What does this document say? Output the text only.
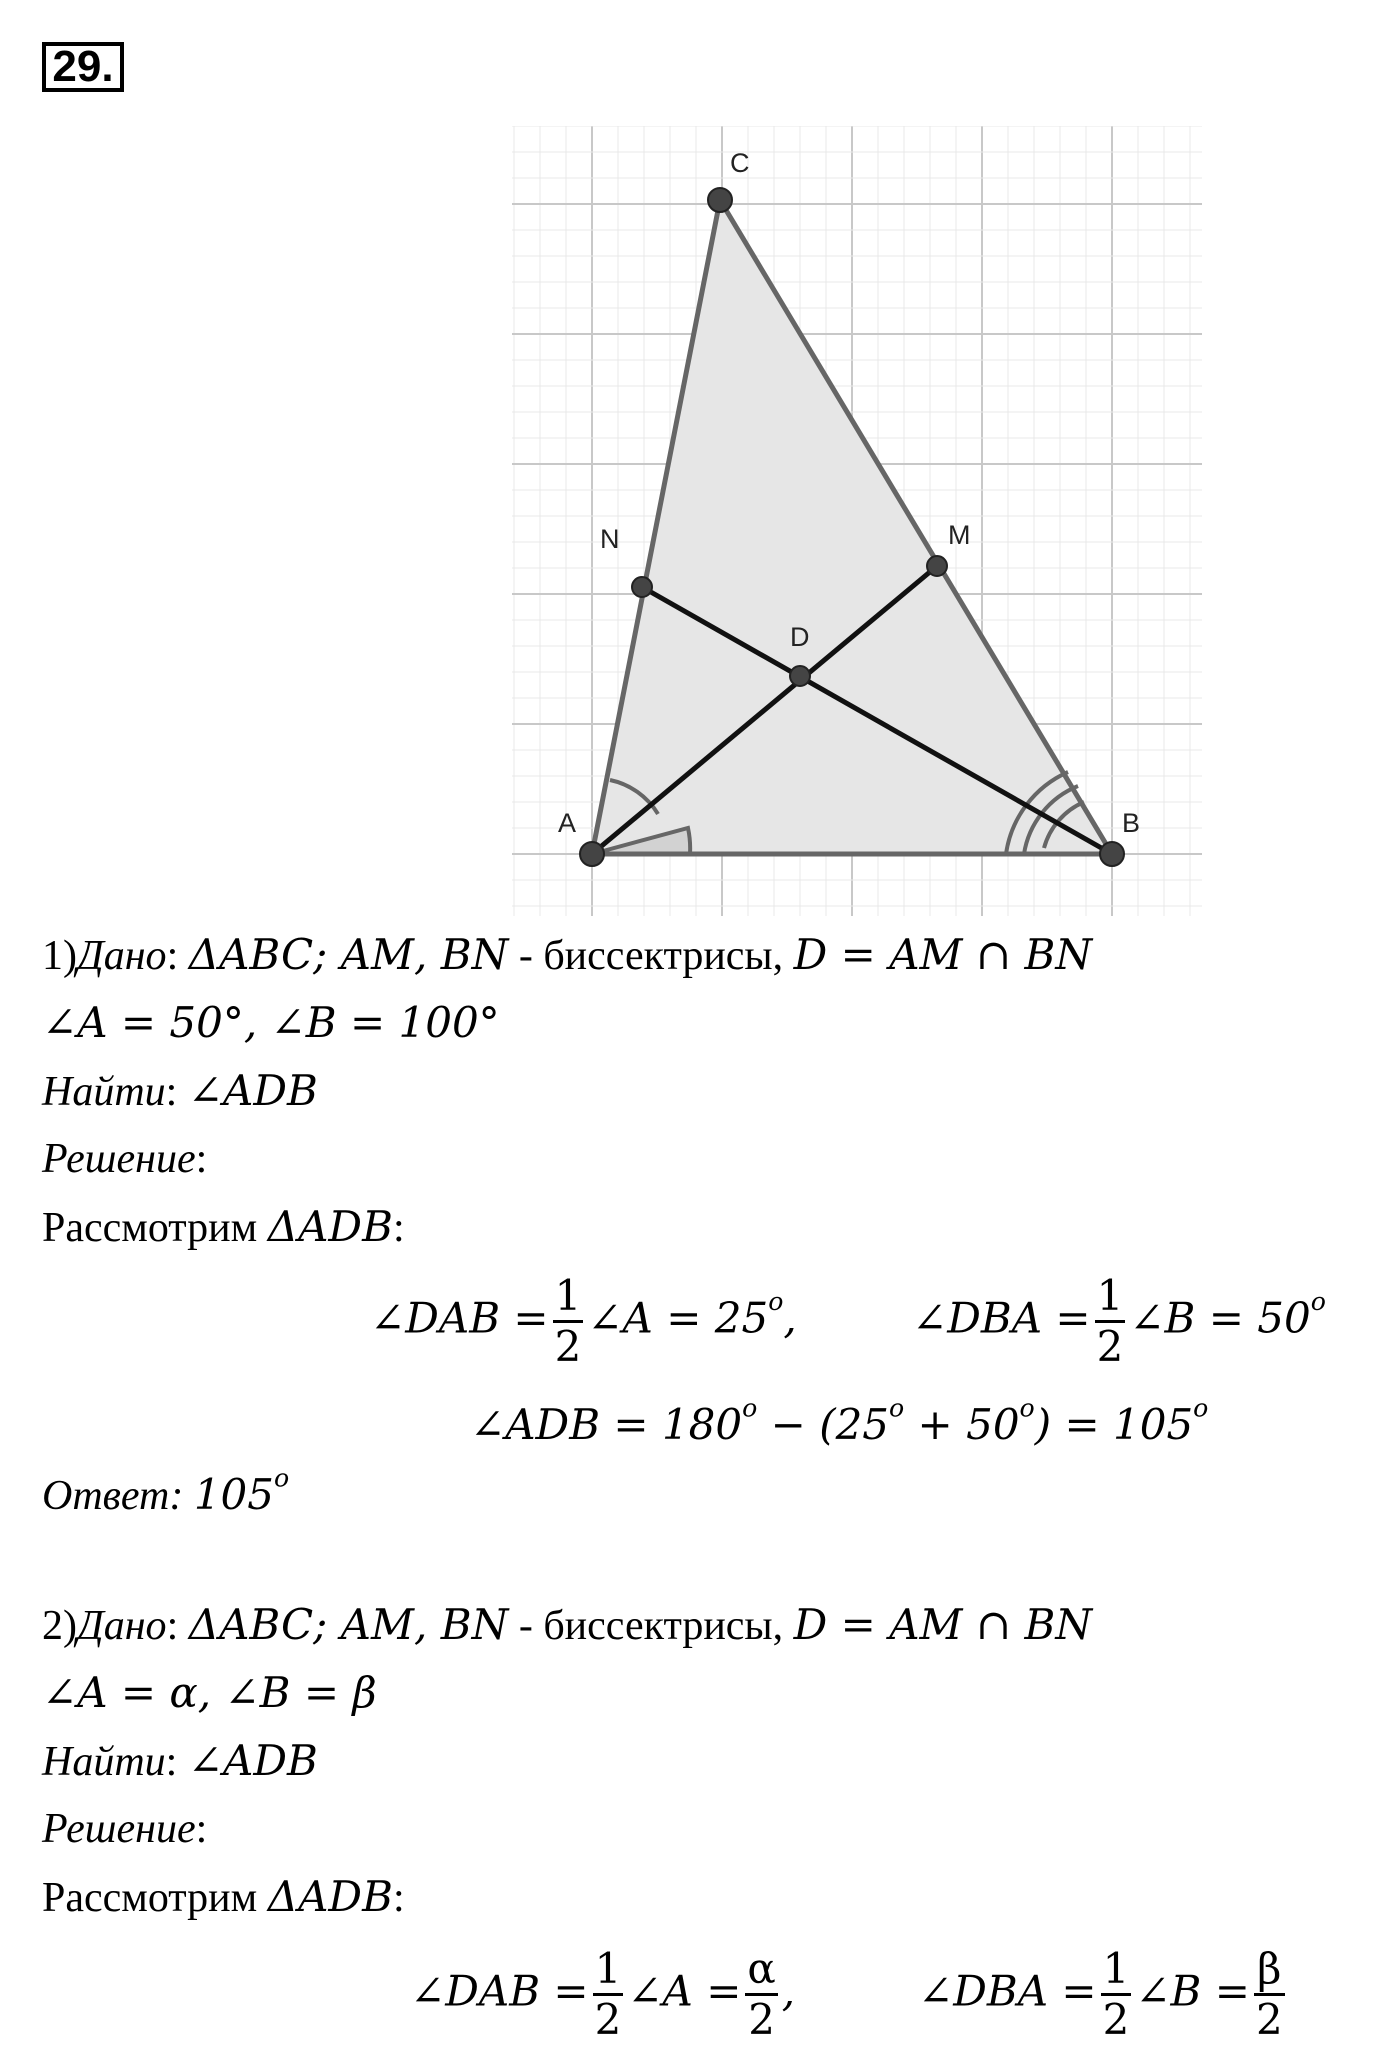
29.
A	B
C
M
N
D
1)Дано: ΔABC; AM, BN - биссектрисы, D = AM ∩ BN
∠A = 50°, ∠B = 100°
Найти: ∠ADB
Решение:
Рассмотрим ΔADB:
∠DAB = $\frac{1}{2}$ ∠A = $25^o$,	∠DBA = $\frac{1}{2}$ ∠B = $50^o$
∠ADB = $180^o - (25^o + 50^o) = 105^o$
Ответ: 105$^o$
2)Дано: ΔABC; AM, BN - биссектрисы, D = AM ∩ BN
∠A = α, ∠B = β
Найти: ∠ADB
Решение:
Рассмотрим ΔADB:
∠DAB = $\frac{1}{2}$ ∠A = $\frac{\alpha}{2}$ ,	∠DBA = $\frac{1}{2}$ ∠B = $\frac{\beta}{2}$
